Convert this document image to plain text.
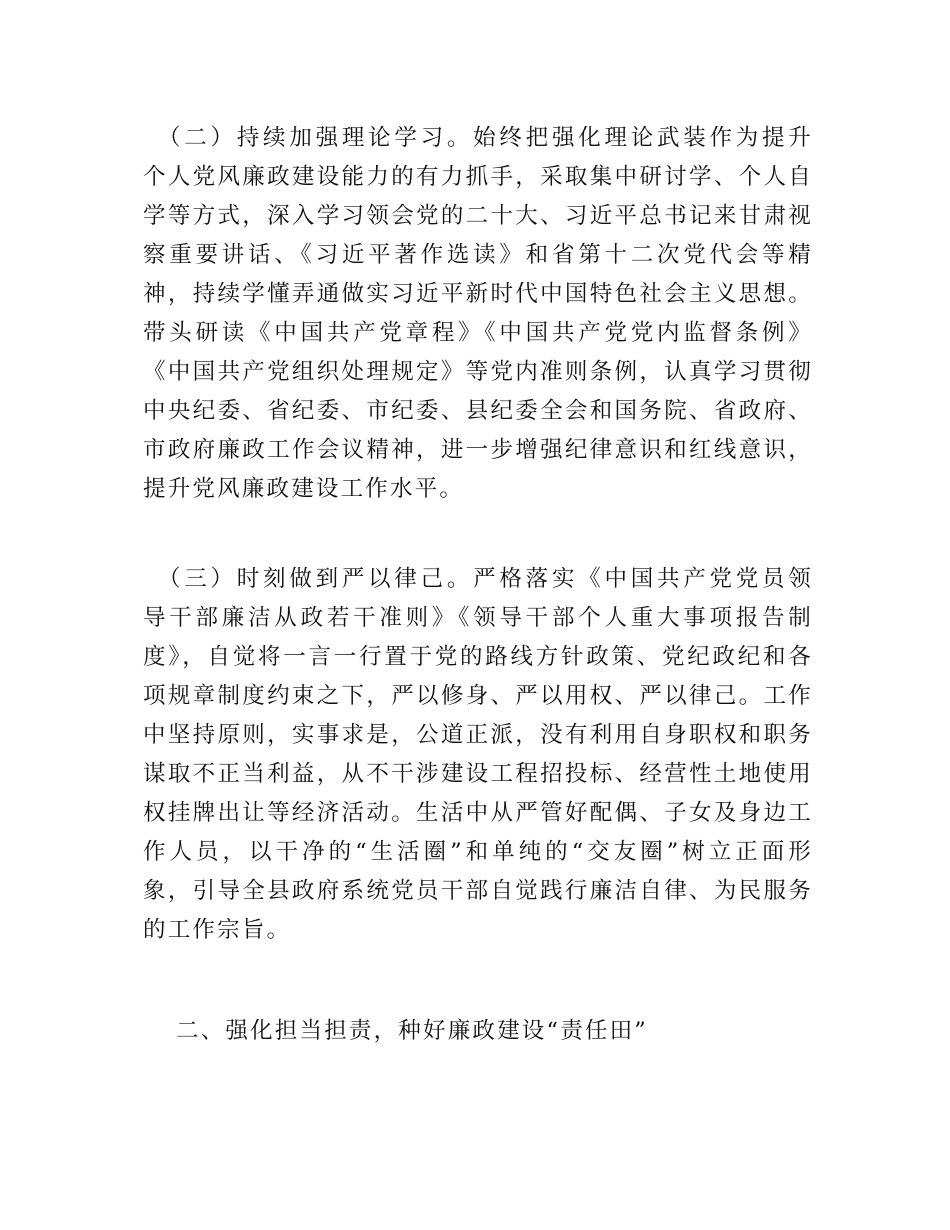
　（二）持续加强理论学习。始终把强化理论武装作为提升
个人党风廉政建设能力的有力抓手，采取集中研讨学、个人自
学等方式，深入学习领会党的二十大、习近平总书记来甘肃视
察重要讲话、《习近平著作选读》和省第十二次党代会等精
神，持续学懂弄通做实习近平新时代中国特色社会主义思想。
带头研读《中国共产党章程》《中国共产党党内监督条例》
《中国共产党组织处理规定》等党内准则条例，认真学习贯彻
中央纪委、省纪委、市纪委、县纪委全会和国务院、省政府、
市政府廉政工作会议精神，进一步增强纪律意识和红线意识，
提升党风廉政建设工作水平。
　（三）时刻做到严以律己。严格落实《中国共产党党员领
导干部廉洁从政若干准则》《领导干部个人重大事项报告制
度》，自觉将一言一行置于党的路线方针政策、党纪政纪和各
项规章制度约束之下，严以修身、严以用权、严以律己。工作
中坚持原则，实事求是，公道正派，没有利用自身职权和职务
谋取不正当利益，从不干涉建设工程招投标、经营性土地使用
权挂牌出让等经济活动。生活中从严管好配偶、子女及身边工
作人员，以干净的“生活圈”和单纯的“交友圈”树立正面形
象，引导全县政府系统党员干部自觉践行廉洁自律、为民服务
的工作宗旨。
二、强化担当担责，种好廉政建设“责任田”
